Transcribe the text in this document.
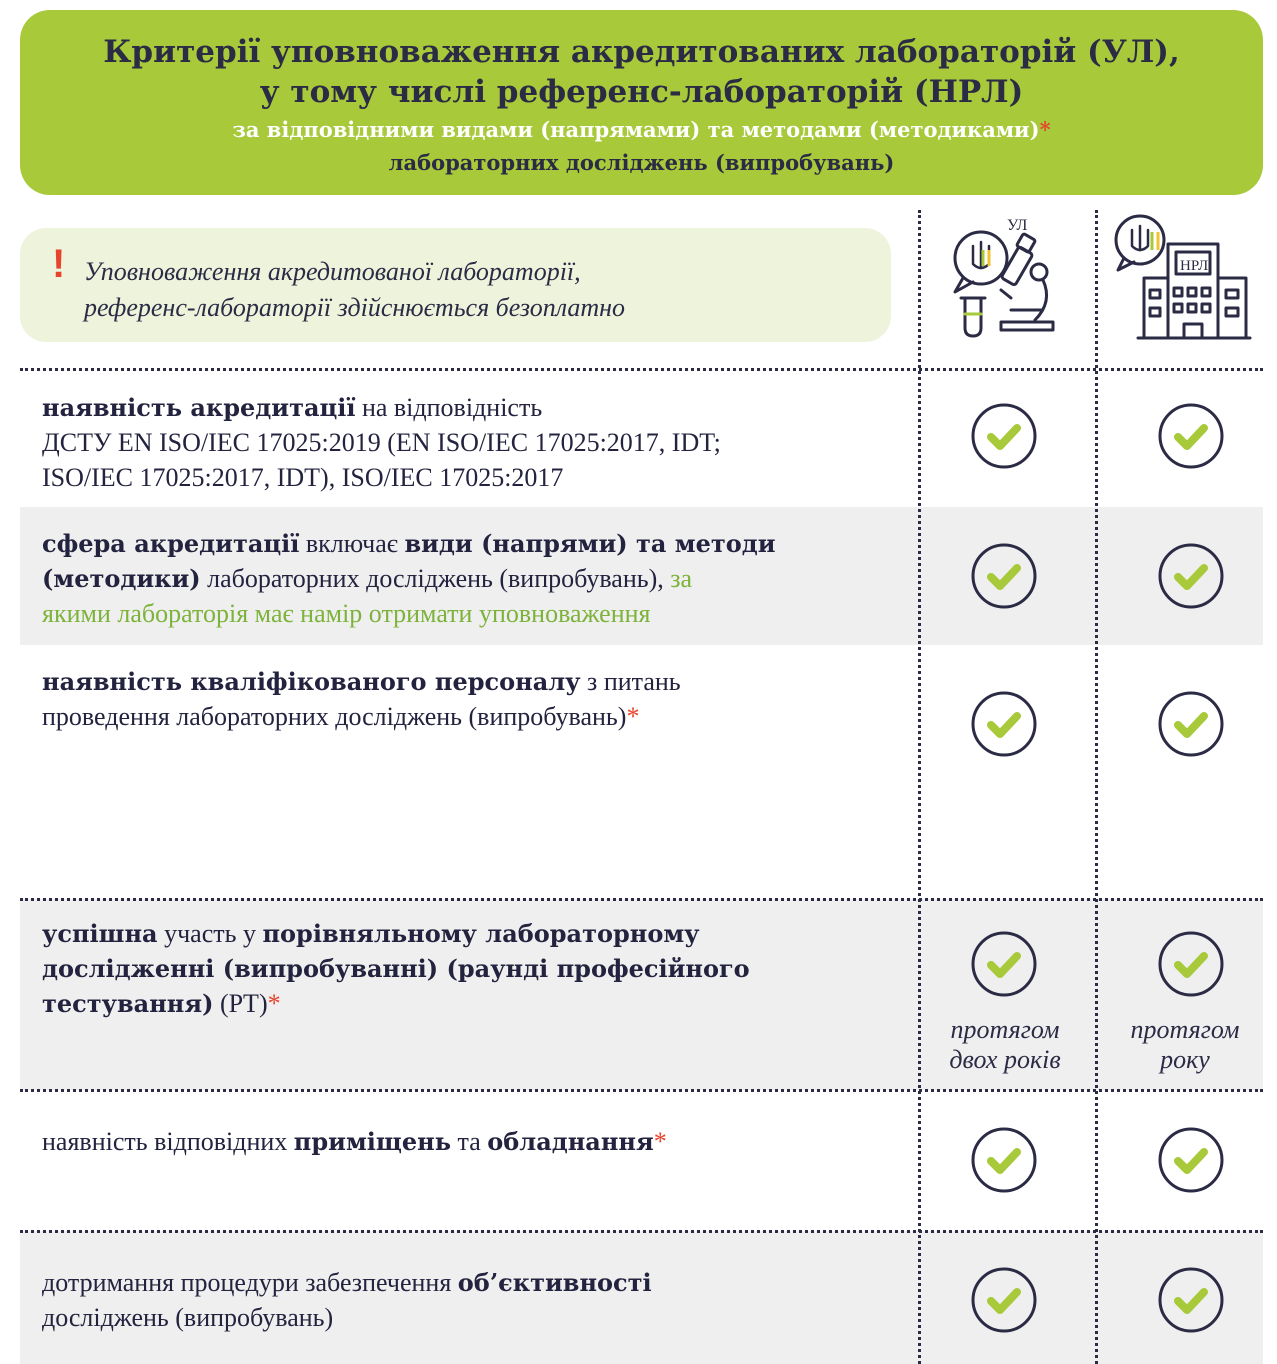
Критерії уповноваження акредитованих лабораторій (УЛ),
у тому числі референс-лабораторій (НРЛ)
за відповідними видами (напрямами) та методами (методиками)*
лабораторних досліджень (випробувань)
! Уповноваження акредитованої лабораторії,
референс-лабораторії здійснюється безоплатно
УЛ
НРЛ
наявність акредитації на відповідність
ДСТУ EN ISO/IEC 17025:2019 (EN ISO/IEC 17025:2017, IDT;
ISO/IEC 17025:2017, IDT), ISO/IEC 17025:2017
сфера акредитації включає види (напрями) та методи
(методики) лабораторних досліджень (випробувань), за
якими лабораторія має намір отримати уповноваження
наявність кваліфікованого персоналу з питань
проведення лабораторних досліджень (випробувань)*
успішна участь у порівняльному лабораторному
дослідженні (випробуванні) (раунді професійного
тестування) (PT)*
протягом
двох років
протягом
року
наявність відповідних приміщень та обладнання*
дотримання процедури забезпечення об’єктивності
досліджень (випробувань)
